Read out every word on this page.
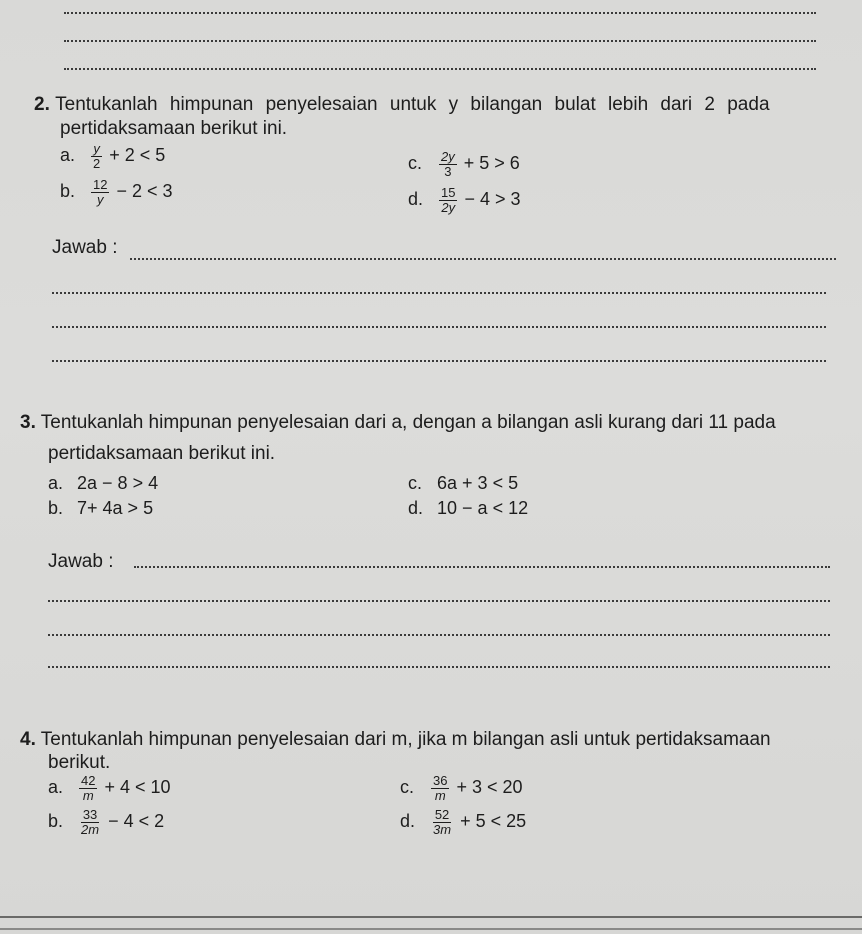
2. Tentukanlah himpunan penyelesaian untuk y bilangan bulat lebih dari 2 pada
pertidaksamaan berikut ini.
a. $\frac{y}{2} + 2 < 5$
b. $\frac{12}{y} - 2 < 3$
c. $\frac{2y}{3} + 5 > 6$
d. $\frac{15}{2y} - 4 > 3$
Jawab :
3. Tentukanlah himpunan penyelesaian dari a, dengan a bilangan asli kurang dari 11 pada
pertidaksamaan berikut ini.
a. 2a − 8 > 4
b. 7+ 4a > 5
c. 6a + 3 < 5
d. 10 − a < 12
Jawab :
4. Tentukanlah himpunan penyelesaian dari m, jika m bilangan asli untuk pertidaksamaan
berikut.
a. $\frac{42}{m} + 4 < 10$
b. $\frac{33}{2m} - 4 < 2$
c. $\frac{36}{m} + 3 < 20$
d. $\frac{52}{3m} + 5 < 25$
